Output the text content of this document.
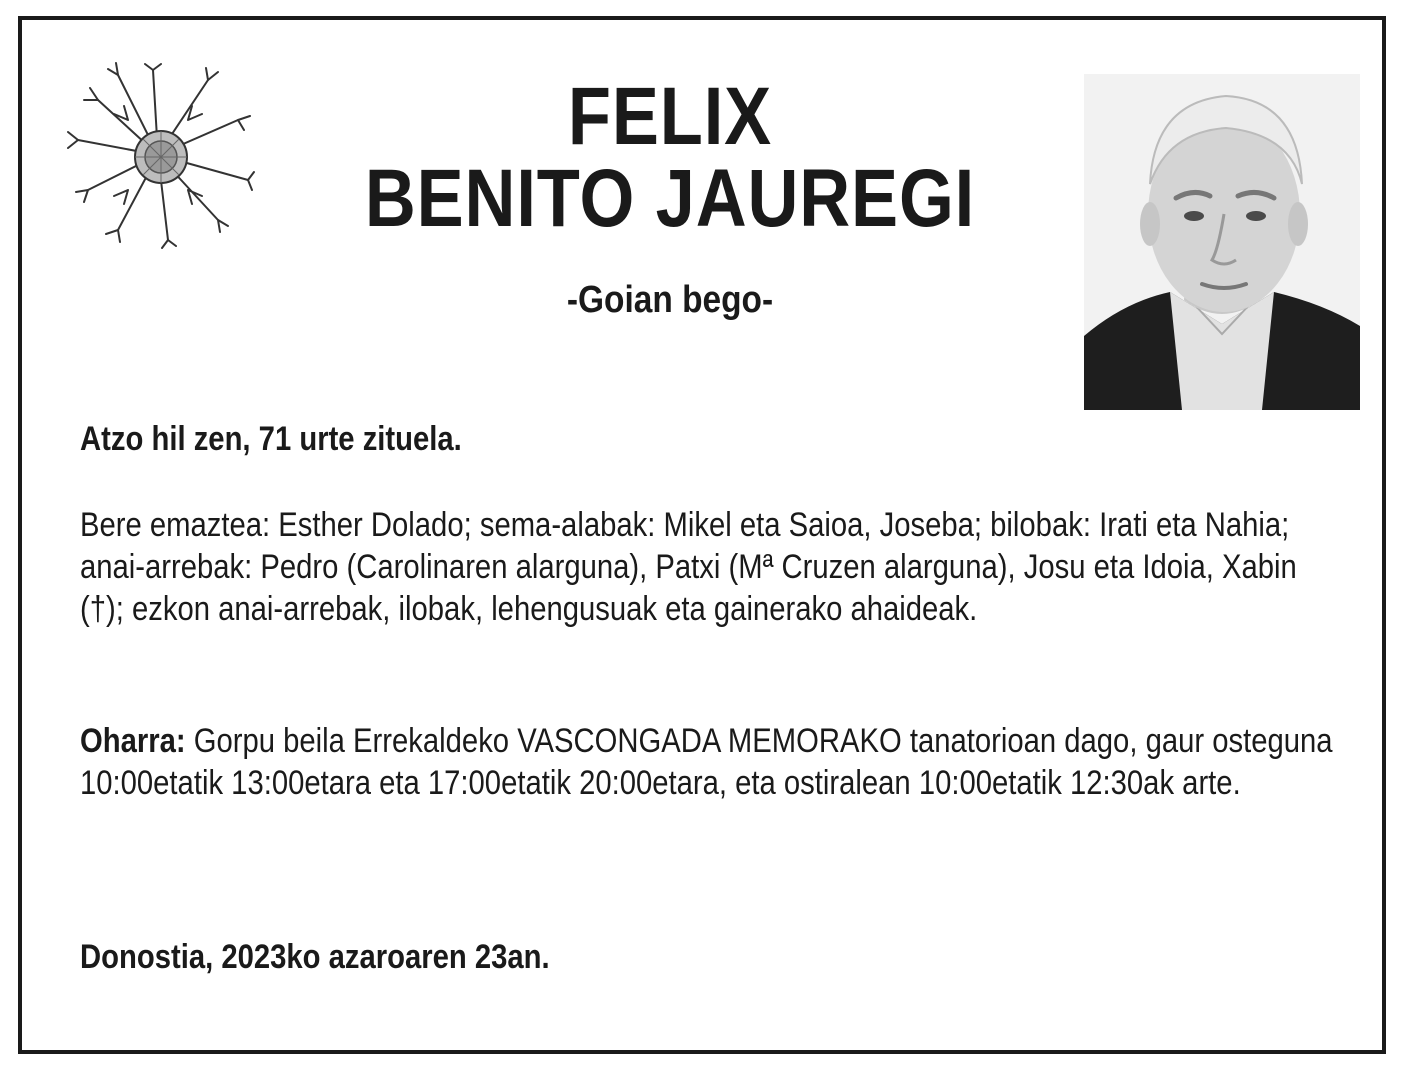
FELIX
BENITO JAUREGI
-Goian bego-
Atzo hil zen, 71 urte zituela.
Bere emaztea: Esther Dolado; sema-alabak: Mikel eta Saioa, Joseba; bilobak: Irati eta Nahia; anai-arrebak: Pedro (Carolinaren alarguna), Patxi (Mª Cruzen alarguna), Josu eta Idoia, Xabin (†); ezkon anai-arrebak, ilobak, lehengusuak eta gainerako ahaideak.
Oharra: Gorpu beila Errekaldeko VASCONGADA MEMORAKO tanatorioan dago, gaur osteguna 10:00etatik 13:00etara eta 17:00etatik 20:00etara, eta ostiralean 10:00etatik 12:30ak arte.
Donostia, 2023ko azaroaren 23an.
